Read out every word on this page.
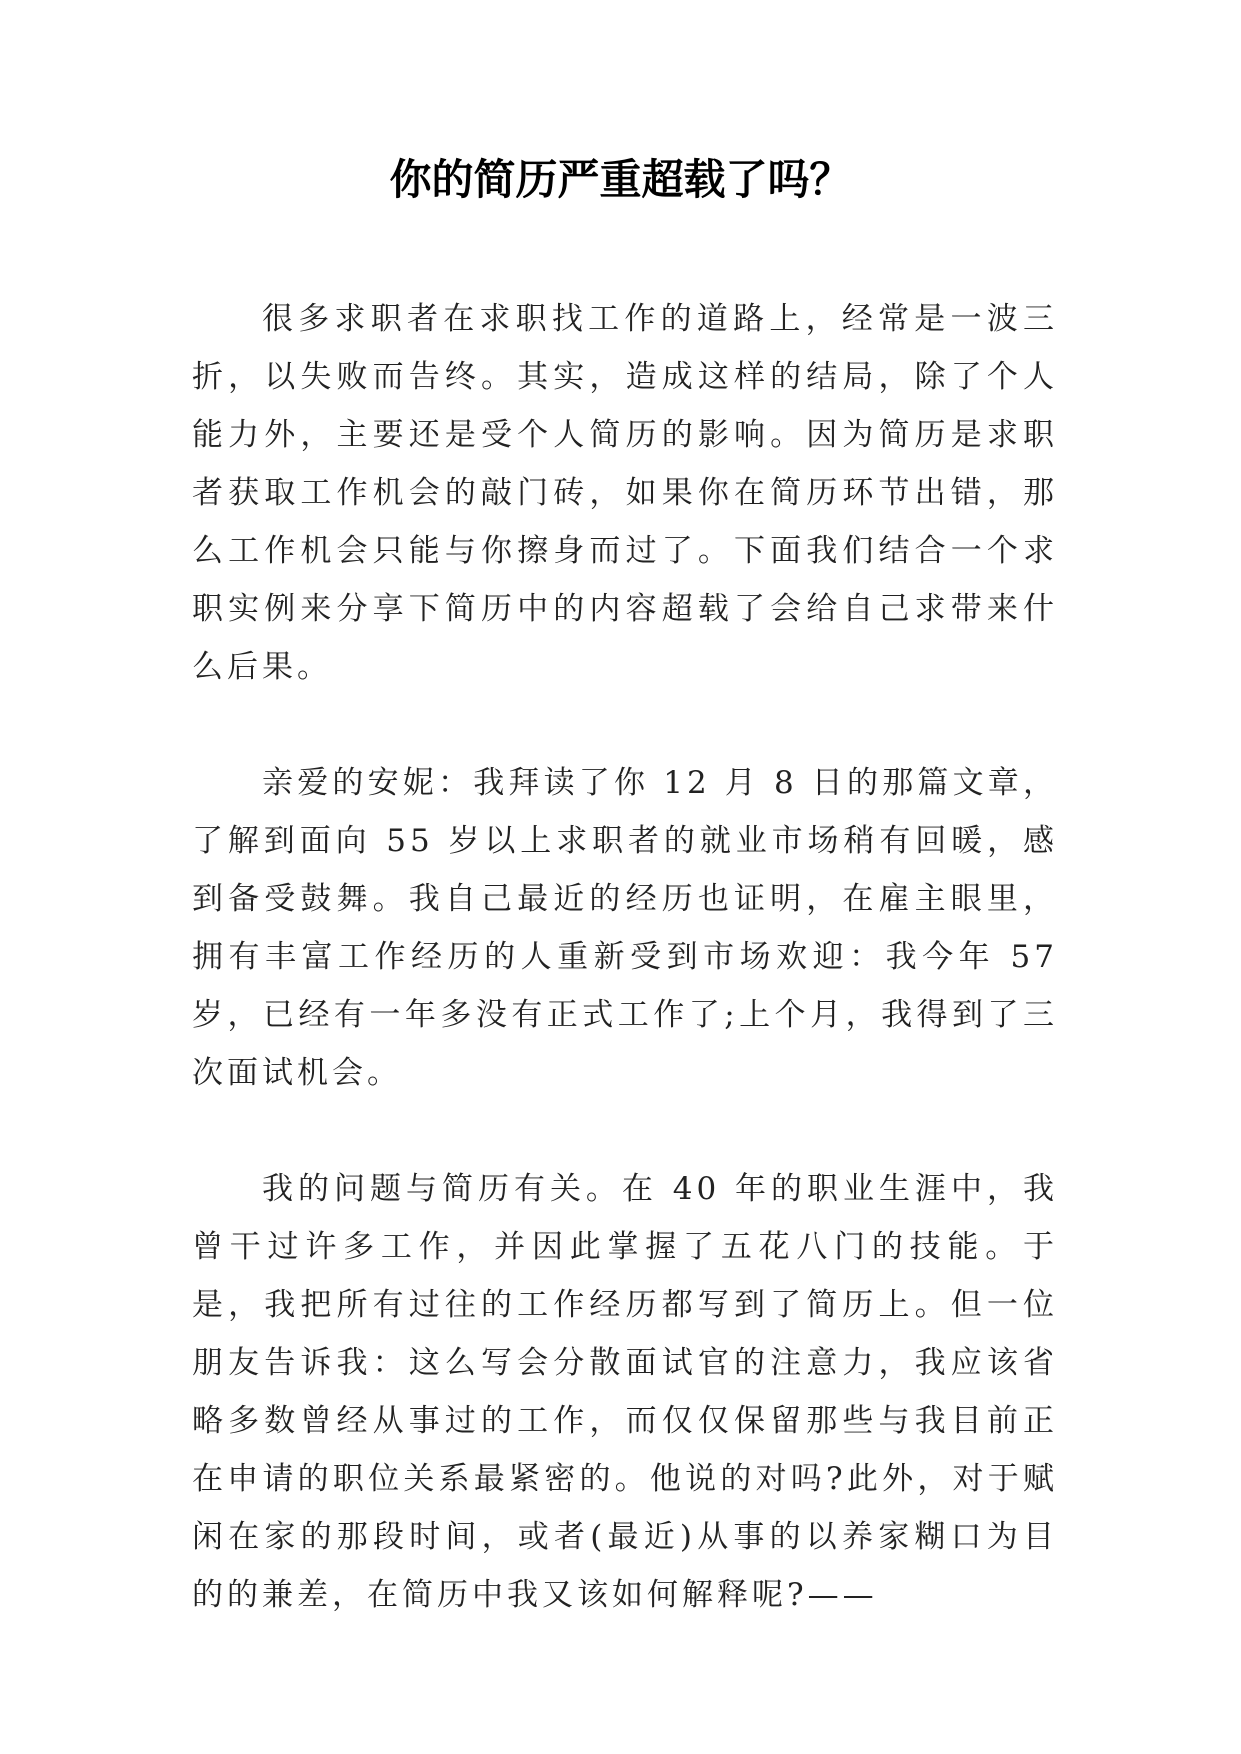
你的简历严重超载了吗？

很多求职者在求职找工作的道路上，经常是一波三折，以失败而告终。其实，造成这样的结局，除了个人能力外，主要还是受个人简历的影响。因为简历是求职者获取工作机会的敲门砖，如果你在简历环节出错，那么工作机会只能与你擦身而过了。下面我们结合一个求职实例来分享下简历中的内容超载了会给自己求带来什么后果。

亲爱的安妮：我拜读了你 12 月 8 日的那篇文章，了解到面向 55 岁以上求职者的就业市场稍有回暖，感到备受鼓舞。我自己最近的经历也证明，在雇主眼里，拥有丰富工作经历的人重新受到市场欢迎：我今年 57 岁，已经有一年多没有正式工作了;上个月，我得到了三次面试机会。

我的问题与简历有关。在 40 年的职业生涯中，我曾干过许多工作，并因此掌握了五花八门的技能。于是，我把所有过往的工作经历都写到了简历上。但一位朋友告诉我：这么写会分散面试官的注意力，我应该省略多数曾经从事过的工作，而仅仅保留那些与我目前正在申请的职位关系最紧密的。他说的对吗?此外，对于赋闲在家的那段时间，或者(最近)从事的以养家糊口为目的的兼差，在简历中我又该如何解释呢?——
